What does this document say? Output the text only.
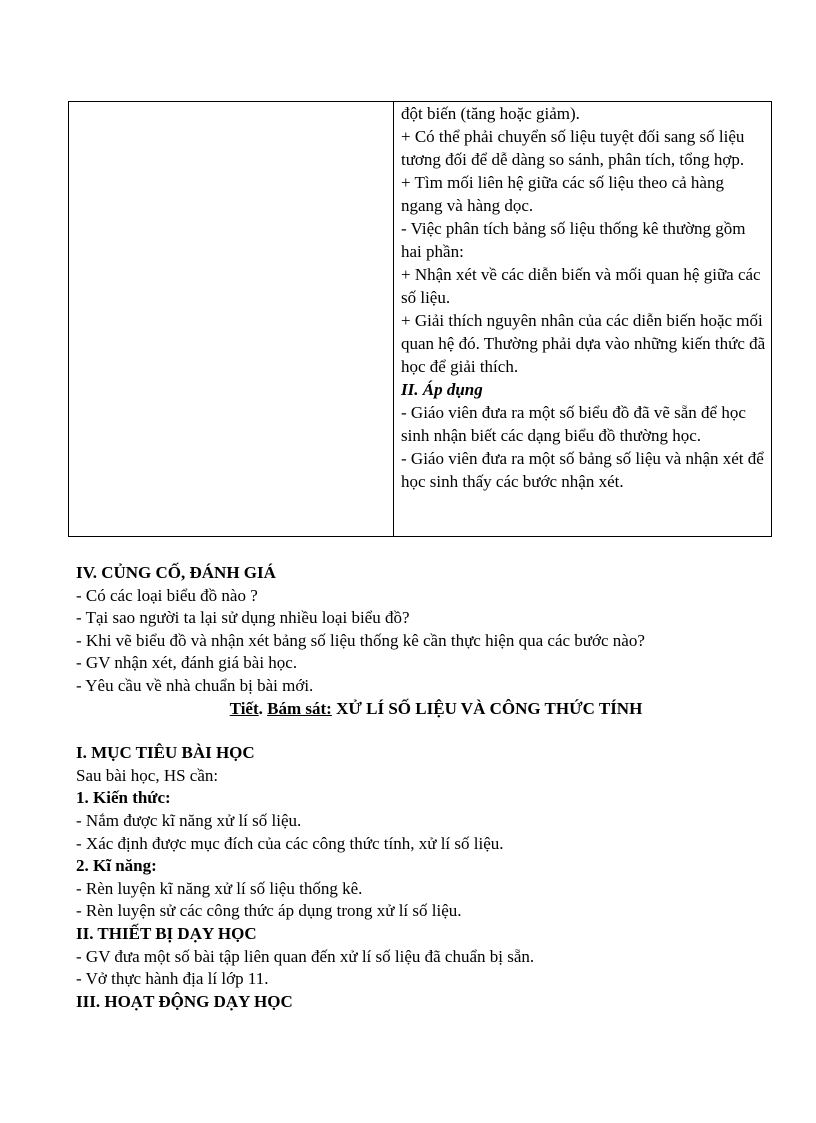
đột biến (tăng hoặc giảm).

+ Có thể phải chuyển số liệu tuyệt đối sang số liệu tương đối để dễ dàng so sánh, phân tích, tổng hợp.

+ Tìm mối liên hệ giữa các số liệu theo cả hàng ngang và hàng dọc.

- Việc phân tích bảng số liệu thống kê thường gồm hai phần:

+ Nhận xét về các diễn biến và mối quan hệ giữa các số liệu.

+ Giải thích nguyên nhân của các diễn biến hoặc mối quan hệ đó. Thường phải dựa vào những kiến thức đã học để giải thích.

II. Áp dụng

- Giáo viên đưa ra một số biểu đồ đã vẽ sẵn để học sinh nhận biết các dạng biểu đồ thường học.

- Giáo viên đưa ra một số bảng số liệu và nhận xét để học sinh thấy các bước nhận xét.

IV. CỦNG CỐ, ĐÁNH GIÁ

- Có các loại biểu đồ nào ?

- Tại sao người ta lại sử dụng nhiều loại biểu đồ?

- Khi vẽ biểu đồ và nhận xét bảng số liệu thống kê cần thực hiện qua các bước nào?

- GV nhận xét, đánh giá bài học.

- Yêu cầu về nhà chuẩn bị bài mới.

Tiết. Bám sát: XỬ LÍ SỐ LIỆU VÀ CÔNG THỨC TÍNH

I. MỤC TIÊU BÀI HỌC

Sau bài học, HS cần:

1. Kiến thức:

- Nắm được kĩ năng xử lí số liệu.

- Xác định được mục đích của các công thức tính, xử lí số liệu.

2. Kĩ năng:

- Rèn luyện kĩ năng xử lí số liệu thống kê.

- Rèn luyện sử các công thức áp dụng trong xử lí số liệu.

II. THIẾT BỊ DẠY HỌC

- GV đưa một số bài tập liên quan đến xử lí số liệu đã chuẩn bị sẵn.

- Vở thực hành địa lí lớp 11.

III. HOẠT ĐỘNG DẠY HỌC
